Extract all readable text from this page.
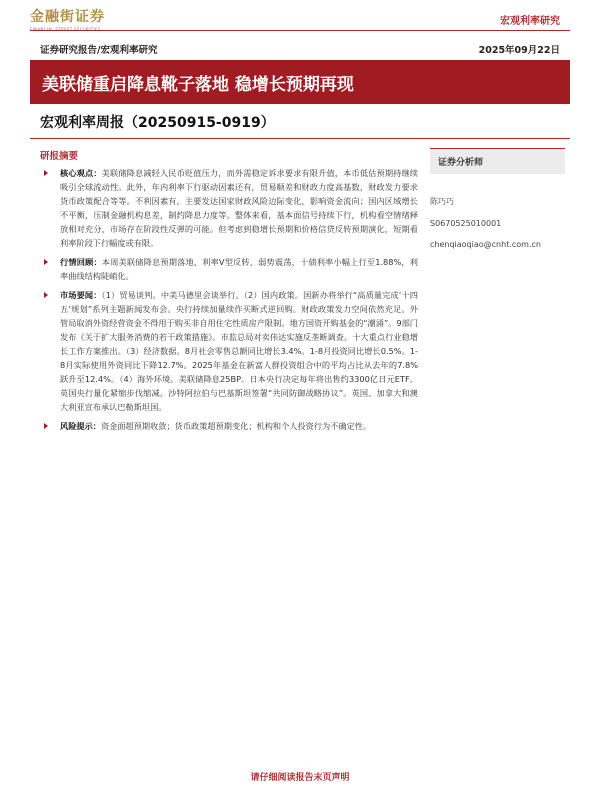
金融街证券
FINANCIAL STREET SECURITIES
宏观利率研究
证券研究报告/宏观利率研究	2025年09月22日
美联储重启降息靴子落地 稳增长预期再现
宏观利率周报（20250915-0919）
研报摘要
核心观点：美联储降息减轻人民币贬值压力，而外需稳定诉求要求有限升值，本币低估预期持继续吸引全球流动性。此外，年内利率下行驱动因素还有，贸易顺差和财政力度高基数，财政发力要求货币政策配合等等。不利因素有，主要发达国家财政风险边际变化，影响资金流向；国内区域增长不平衡，压制金融机构息差，制约降息力度等。整体来看，基本面信号持续下行，机构看空情绪释放相对充分，市场存在阶段性反弹的可能。但考虑到稳增长预期和价格信贷反转预期演化，短期看利率阶段下行幅度或有限。
行情回顾：本周美联储降息预期落地，利率V型反转、弱势震荡，十债利率小幅上行至1.88%，利率曲线结构陡峭化。
市场要闻：（1）贸易谈判。中美马德里会谈举行。（2）国内政策。国新办将举行“高质量完成‘十四五’规划”系列主题新闻发布会。央行持续加量续作买断式逆回购。财政政策发力空间依然充足。外管局取消外资经营资金不得用于购买非自用住宅性质房产限制。地方国资开购基金的“潮涌”。9部门发布《关于扩大服务消费的若干政策措施》。市监总局对卖伟达实施反垄断调查。十大重点行业稳增长工作方案推出。（3）经济数据。8月社会零售总额同比增长3.4%。1-8月投资同比增长0.5%。1-8月实际使用外资同比下降12.7%。2025年基金在新富人群投资组合中的平均占比从去年的7.8%跃升至12.4%。（4）海外环境。美联储降息25BP。日本央行决定每年将出售约3300亿日元ETF。英国央行量化紧缩步伐缩减。沙特阿拉伯与巴基斯坦签署“共同防御战略协议”。英国、加拿大和澳大利亚宣布承认巴勒斯坦国。
风险提示：资金面超预期收敛；货币政策超预期变化；机构和个人投资行为不确定性。
证券分析师
陈巧巧
S0670525010001
chenqiaoqiao@cnht.com.cn
请仔细阅读报告末页声明
